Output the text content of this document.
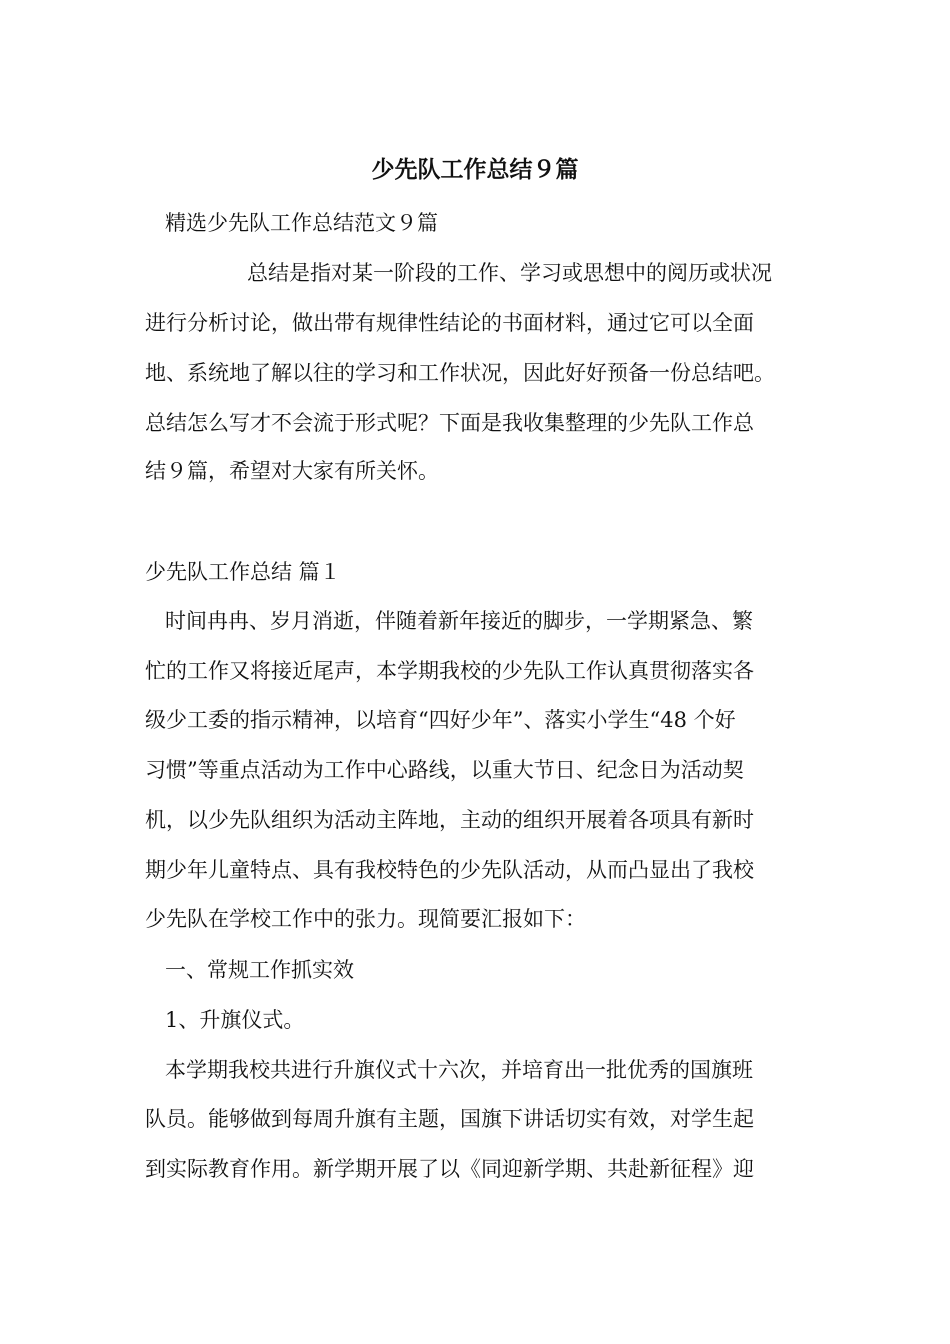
少先队工作总结９篇
精选少先队工作总结范文９篇
总结是指对某一阶段的工作、学习或思想中的阅历或状况
进行分析讨论，做出带有规律性结论的书面材料，通过它可以全面
地、系统地了解以往的学习和工作状况，因此好好预备一份总结吧。
总结怎么写才不会流于形式呢？下面是我收集整理的少先队工作总
结９篇，希望对大家有所关怀。
少先队工作总结 篇１
时间冉冉、岁月消逝，伴随着新年接近的脚步，一学期紧急、繁
忙的工作又将接近尾声，本学期我校的少先队工作认真贯彻落实各
级少工委的指示精神，以培育“四好少年”、落实小学生“48 个好
习惯”等重点活动为工作中心路线，以重大节日、纪念日为活动契
机，以少先队组织为活动主阵地，主动的组织开展着各项具有新时
期少年儿童特点、具有我校特色的少先队活动，从而凸显出了我校
少先队在学校工作中的张力。现简要汇报如下：
一、常规工作抓实效
1、升旗仪式。
本学期我校共进行升旗仪式十六次，并培育出一批优秀的国旗班
队员。能够做到每周升旗有主题，国旗下讲话切实有效，对学生起
到实际教育作用。新学期开展了以《同迎新学期、共赴新征程》迎
